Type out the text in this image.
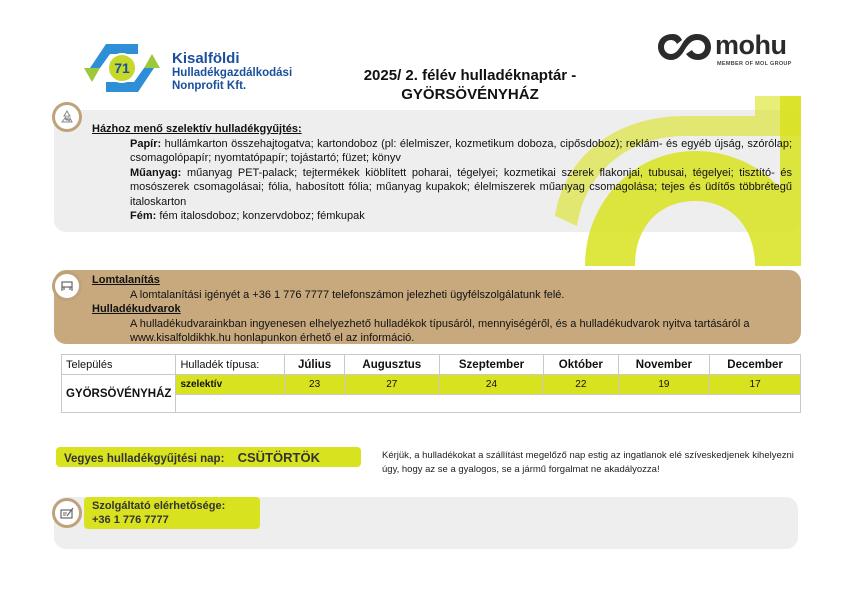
71
Kisalföldi
Hulladékgazdálkodási
Nonprofit Kft.
2025/ 2. félév hulladéknaptár -
GYÖRSÖVÉNYHÁZ
mohu
MEMBER OF MOL GROUP
Házhoz menő szelektív hulladékgyűjtés:
Papír: hullámkarton összehajtogatva; kartondoboz (pl: élelmiszer, kozmetikum doboza, cipősdoboz); reklám- és egyéb újság, szórólap; csomagolópapír; nyomtatópapír; tojástartó; füzet; könyv
Műanyag: műanyag PET-palack; tejtermékek kiöblített poharai, tégelyei; kozmetikai szerek flakonjai, tubusai, tégelyei; tisztító- és mosószerek csomagolásai; fólia, habosított fólia; műanyag kupakok; élelmiszerek műanyag csomagolása; tejes és üdítős többrétegű italoskarton
Fém: fém italosdoboz; konzervdoboz; fémkupak
Lomtalanítás
A lomtalanítási igényét a +36 1 776 7777 telefonszámon jelezheti ügyfélszolgálatunk felé.
Hulladékudvarok
A hulladékudvarainkban ingyenesen elhelyezhető hulladékok típusáról, mennyiségéről, és a hulladékudvarok nyitva tartásáról a www.kisalfoldikhk.hu honlapunkon érhető el az információ.
Település	Hulladék típusa:	Július	Augusztus	Szeptember	Október	November	December
GYÖRSÖVÉNYHÁZ	szelektív	23	27	24	22	19	17

Vegyes hulladékgyűjtési nap: CSÜTÖRTÖK	Kérjük, a hulladékokat a szállítást megelőző nap estig az ingatlanok elé szíveskedjenek kihelyezni úgy, hogy az se a gyalogos, se a jármű forgalmat ne akadályozza!
Szolgáltató elérhetősége:
+36 1 776 7777
